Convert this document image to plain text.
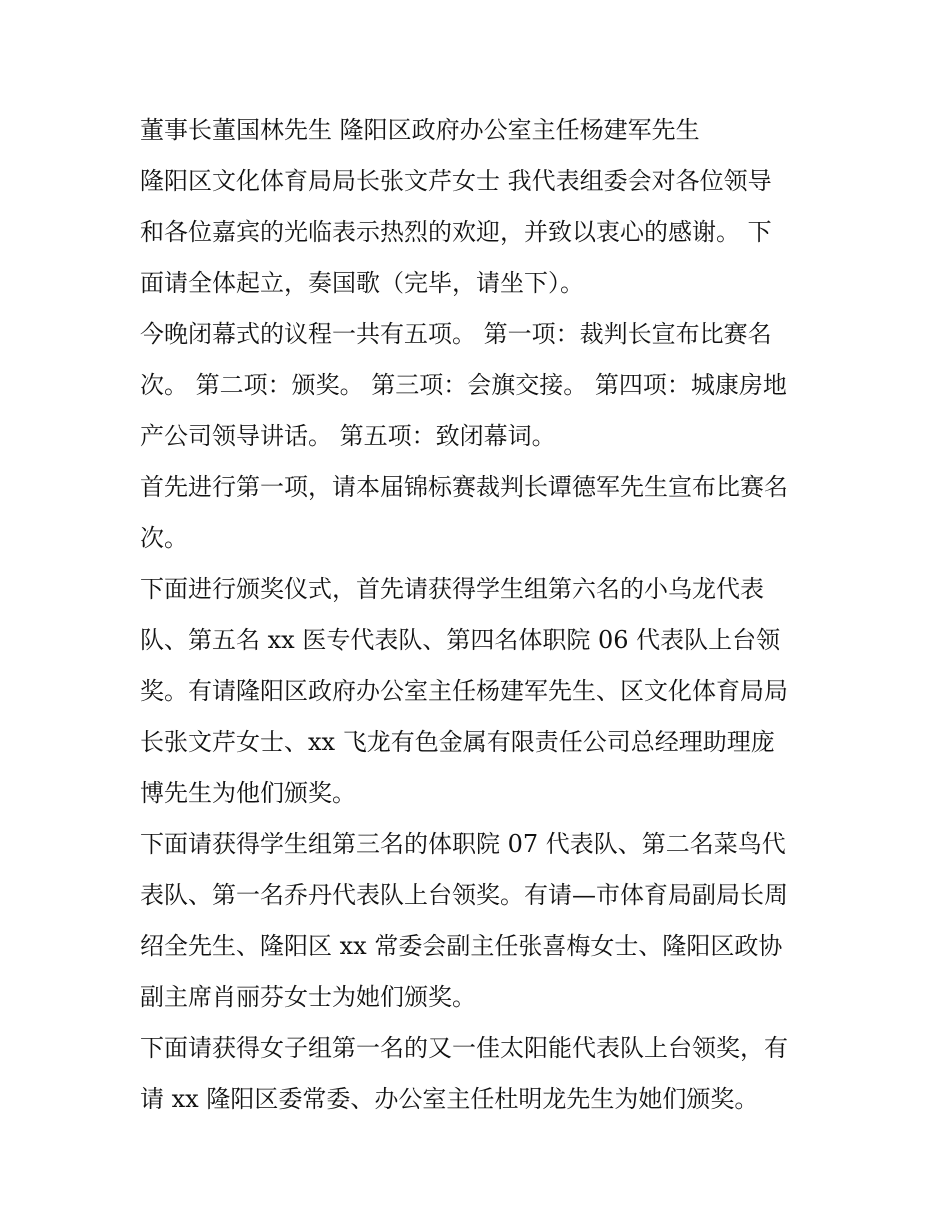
董事长董国林先生 隆阳区政府办公室主任杨建军先生
隆阳区文化体育局局长张文芹女士 我代表组委会对各位领导
和各位嘉宾的光临表示热烈的欢迎，并致以衷心的感谢。 下
面请全体起立，奏国歌（完毕，请坐下）。
今晚闭幕式的议程一共有五项。 第一项：裁判长宣布比赛名
次。 第二项：颁奖。 第三项：会旗交接。 第四项：城康房地
产公司领导讲话。 第五项：致闭幕词。
首先进行第一项，请本届锦标赛裁判长谭德军先生宣布比赛名
次。
下面进行颁奖仪式，首先请获得学生组第六名的小乌龙代表
队、第五名 xx 医专代表队、第四名体职院 06 代表队上台领
奖。有请隆阳区政府办公室主任杨建军先生、区文化体育局局
长张文芹女士、xx 飞龙有色金属有限责任公司总经理助理庞
博先生为他们颁奖。
下面请获得学生组第三名的体职院 07 代表队、第二名菜鸟代
表队、第一名乔丹代表队上台领奖。有请—市体育局副局长周
绍全先生、隆阳区 xx 常委会副主任张喜梅女士、隆阳区政协
副主席肖丽芬女士为她们颁奖。
下面请获得女子组第一名的又一佳太阳能代表队上台领奖，有
请 xx 隆阳区委常委、办公室主任杜明龙先生为她们颁奖。
